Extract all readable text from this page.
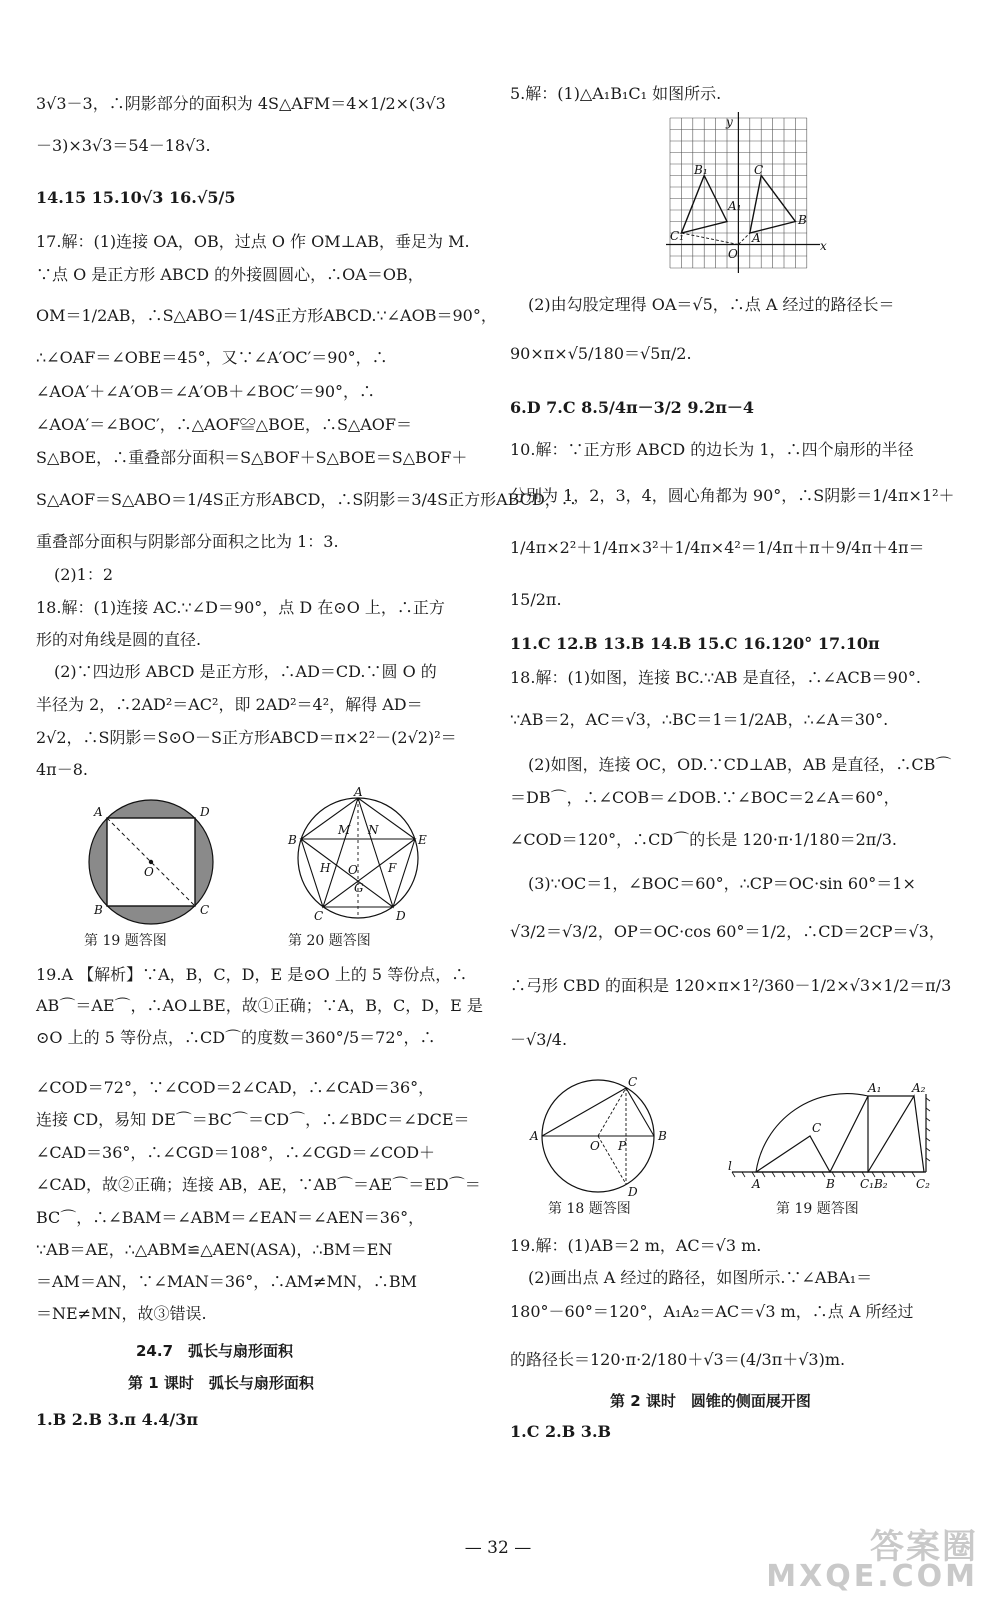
3√3－3，∴阴影部分的面积为 4S△AFM＝4×1/2×(3√3
－3)×3√3＝54－18√3.
14.15 15.10√3 16.√5/5
17.解：(1)连接 OA，OB，过点 O 作 OM⊥AB，垂足为 M.
∵点 O 是正方形 ABCD 的外接圆圆心，∴OA＝OB，
OM＝1/2AB，∴S△ABO＝1/4S正方形ABCD.∵∠AOB＝90°，
∴∠OAF＝∠OBE＝45°，又∵∠A′OC′＝90°，∴
∠AOA′＋∠A′OB＝∠A′OB＋∠BOC′＝90°，∴
∠AOA′＝∠BOC′，∴△AOF≌△BOE，∴S△AOF＝
S△BOE，∴重叠部分面积＝S△BOF＋S△BOE＝S△BOF＋
S△AOF＝S△ABO＝1/4S正方形ABCD，∴S阴影＝3/4S正方形ABCD，∴
重叠部分面积与阴影部分面积之比为 1：3.
(2)1：2
18.解：(1)连接 AC.∵∠D＝90°，点 D 在⊙O 上，∴正方
形的对角线是圆的直径.
(2)∵四边形 ABCD 是正方形，∴AD＝CD.∵圆 O 的
半径为 2，∴2AD²＝AC²，即 2AD²＝4²，解得 AD＝
2√2，∴S阴影＝S⊙O－S正方形ABCD＝π×2²－(2√2)²＝
4π－8.
A	D
B	C
O
第 19 题答图
A
B	E
M N
H	F
O
G
C	D
第 20 题答图
19.A 【解析】∵A，B，C，D，E 是⊙O 上的 5 等份点，∴
AB⌒＝AE⌒，∴AO⊥BE，故①正确；∵A，B，C，D，E 是
⊙O 上的 5 等份点，∴CD⌒的度数＝360°/5＝72°，∴
∠COD＝72°，∵∠COD＝2∠CAD，∴∠CAD＝36°，
连接 CD，易知 DE⌒＝BC⌒＝CD⌒，∴∠BDC＝∠DCE＝
∠CAD＝36°，∴∠CGD＝108°，∴∠CGD＝∠COD＋
∠CAD，故②正确；连接 AB，AE，∵AB⌒＝AE⌒＝ED⌒＝
BC⌒，∴∠BAM＝∠ABM＝∠EAN＝∠AEN＝36°，
∵AB＝AE，∴△ABM≌△AEN(ASA)，∴BM＝EN
＝AM＝AN，∵∠MAN＝36°，∴AM≠MN，∴BM
＝NE≠MN，故③错误.
24.7　弧长与扇形面积
第 1 课时　弧长与扇形面积
1.B 2.B 3.π 4.4/3π
5.解：(1)△A₁B₁C₁ 如图所示.
y
x
B₁	C
A₁
C₁
O
A
B
(2)由勾股定理得 OA＝√5，∴点 A 经过的路径长＝
90×π×√5/180＝√5π/2.
6.D 7.C 8.5/4π－3/2 9.2π－4
10.解：∵正方形 ABCD 的边长为 1，∴四个扇形的半径
分别为 1，2，3，4，圆心角都为 90°，∴S阴影＝1/4π×1²＋
1/4π×2²＋1/4π×3²＋1/4π×4²＝1/4π＋π＋9/4π＋4π＝
15/2π.
11.C 12.B 13.B 14.B 15.C 16.120° 17.10π
18.解：(1)如图，连接 BC.∵AB 是直径，∴∠ACB＝90°.
∵AB＝2，AC＝√3，∴BC＝1＝1/2AB，∴∠A＝30°.
(2)如图，连接 OC，OD.∵CD⊥AB，AB 是直径，∴CB⌒
＝DB⌒，∴∠COB＝∠DOB.∵∠BOC＝2∠A＝60°，
∠COD＝120°，∴CD⌒的长是 120·π·1/180＝2π/3.
(3)∵OC＝1，∠BOC＝60°，∴CP＝OC·sin 60°＝1×
√3/2＝√3/2，OP＝OC·cos 60°＝1/2，∴CD＝2CP＝√3，
∴弓形 CBD 的面积是 120×π×1²/360－1/2×√3×1/2＝π/3
－√3/4.
C
A
O P
B
D
第 18 题答图
A₁	A₂
C
l
A	B C₁B₂ C₂
第 19 题答图
19.解：(1)AB＝2 m，AC＝√3 m.
(2)画出点 A 经过的路径，如图所示.∵∠ABA₁＝
180°－60°＝120°，A₁A₂＝AC＝√3 m，∴点 A 所经过
的路径长＝120·π·2/180＋√3＝(4/3π＋√3)m.
第 2 课时　圆锥的侧面展开图
1.C 2.B 3.B
— 32 —	答案圈
MXQE.COM
